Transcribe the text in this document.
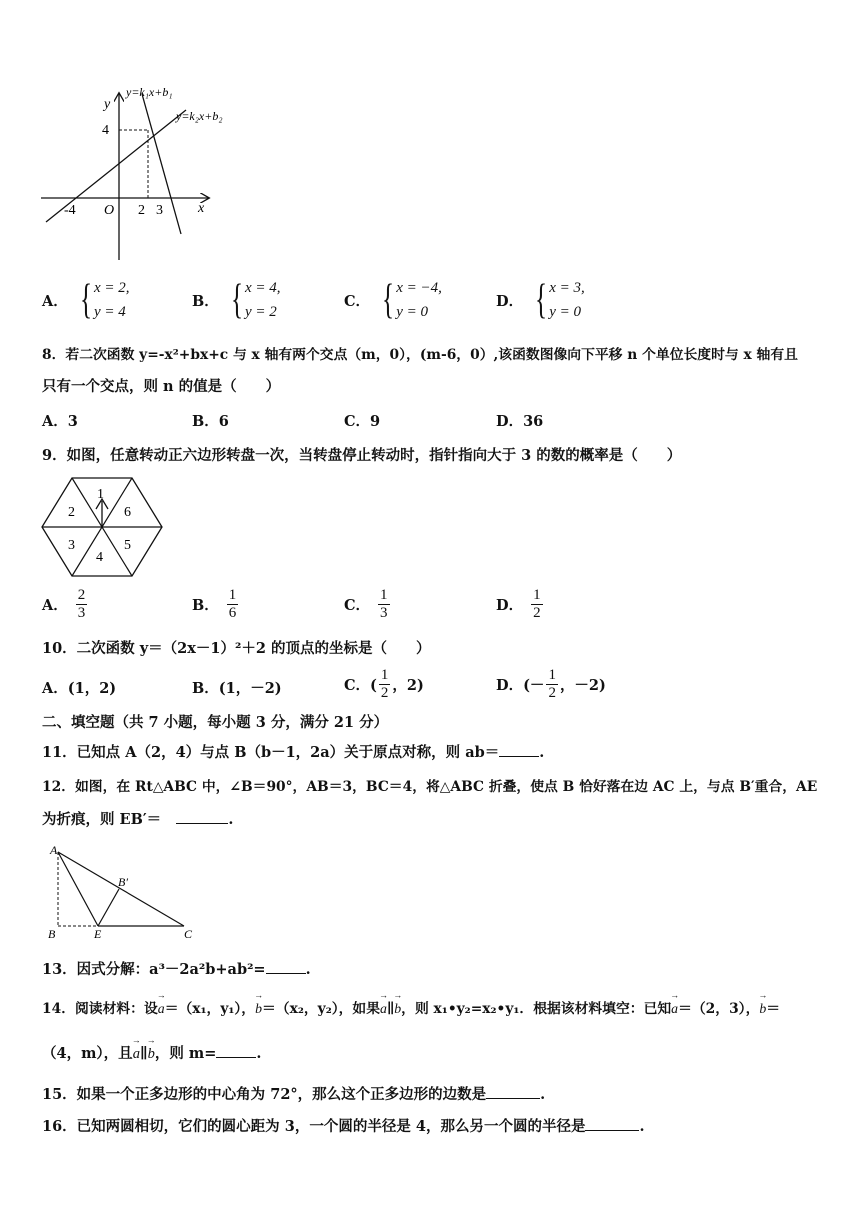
y=k₁x+b₁
y=k₂x+b₂
y
x
O
4
-4	2 3
A． { x = 2,
y = 4
B． { x = 4,
y = 2
C． { x = −4,
y = 0
D． { x = 3,
y = 0
8．若二次函数 y=-x²+bx+c 与 x 轴有两个交点（m，0），(m-6，0）,该函数图像向下平移 n 个单位长度时与 x 轴有且
只有一个交点，则 n 的值是（　　）
A．3	B．6	C．9	D．36
9．如图，任意转动正六边形转盘一次，当转盘停止转动时，指针指向大于 3 的数的概率是（　　）
1
6
5
4
3
2
A． $\frac{2}{3}$	B． $\frac{1}{6}$	C． $\frac{1}{3}$	D． $\frac{1}{2}$
10．二次函数 y＝（2x－1）²＋2 的顶点的坐标是（　　）
A．(1，2)	B．(1，－2)	C．( $\frac{1}{2}$ ，2)	D．(－ $\frac{1}{2}$ ，－2)
二、填空题（共 7 小题，每小题 3 分，满分 21 分）
11．已知点 A（2，4）与点 B（b－1，2a）关于原点对称，则 ab＝	.
12．如图，在 Rt△ABC 中，∠B＝90°，AB＝3，BC＝4，将△ABC 折叠，使点 B 恰好落在边 AC 上，与点 B′重合，AE
为折痕，则 EB′＝	.
A
B	E	C
B′
13．因式分解：a³－2a²b+ab²=	.
14．阅读材料：设→ a＝（x₁，y₁），→ b＝（x₂，y₂），如果→ a∥→ b，则 x₁•y₂=x₂•y₁．根据该材料填空：已知→ a＝（2，3），→ b＝
（4，m），且→ a∥→ b，则 m=	.
15．如果一个正多边形的中心角为 72°，那么这个正多边形的边数是	.
16．已知两圆相切，它们的圆心距为 3，一个圆的半径是 4，那么另一个圆的半径是	.
